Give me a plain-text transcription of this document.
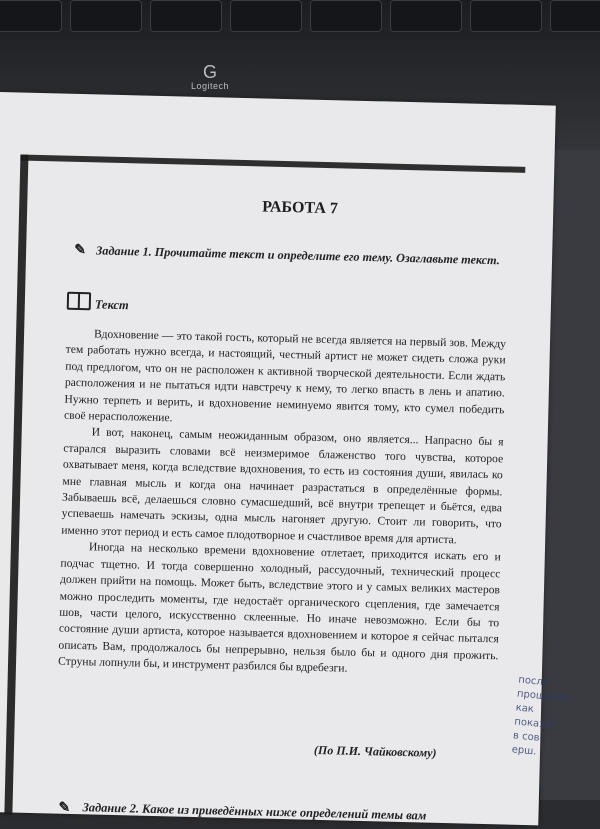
G
Logitech
РАБОТА 7
✎ Задание 1. Прочитайте текст и определите его тему. Озаглавьте текст.
Текст

Вдохновение — это такой гость, который не всегда является на первый зов. Между тем работать нужно всегда, и настоящий, честный артист не может сидеть сложа руки под предлогом, что он не расположен к активной творческой деятельности. Если ждать расположения и не пытаться идти навстречу к нему, то легко впасть в лень и апатию. Нужно терпеть и верить, и вдохновение неминуемо явится тому, кто сумел победить своё нерасположение.

И вот, наконец, самым неожиданным образом, оно является... Напрасно бы я старался выразить словами всё неизмеримое блаженство того чувства, которое охватывает меня, когда вследствие вдохновения, то есть из состояния души, явилась ко мне главная мысль и когда она начинает разрастаться в определённые формы. Забываешь всё, делаешься словно сумасшедший, всё внутри трепещет и бьётся, едва успеваешь намечать эскизы, одна мысль нагоняет другую. Стоит ли говорить, что именно этот период и есть самое плодотворное и счастливое время для артиста.

Иногда на несколько времени вдохновение отлетает, приходится искать его и подчас тщетно. И тогда совершенно холодный, рассудочный, технический процесс должен прийти на помощь. Может быть, вследствие этого и у самых великих мастеров можно проследить моменты, где недостаёт органического сцепления, где замечается шов, части целого, искусственно склеенные. Но иначе невозможно. Если бы то состояние души артиста, которое называется вдохновением и которое я сейчас пытался описать Вам, продолжалось бы непрерывно, нельзя было бы и одного дня прожить. Струны лопнули бы, и инструмент разбился бы вдребезги.

(По П.И. Чайковскому)
✎ Задание 2. Какое из приведённых ниже определений темы вам
после
прошение
как
показат
в сов-
ерш.
